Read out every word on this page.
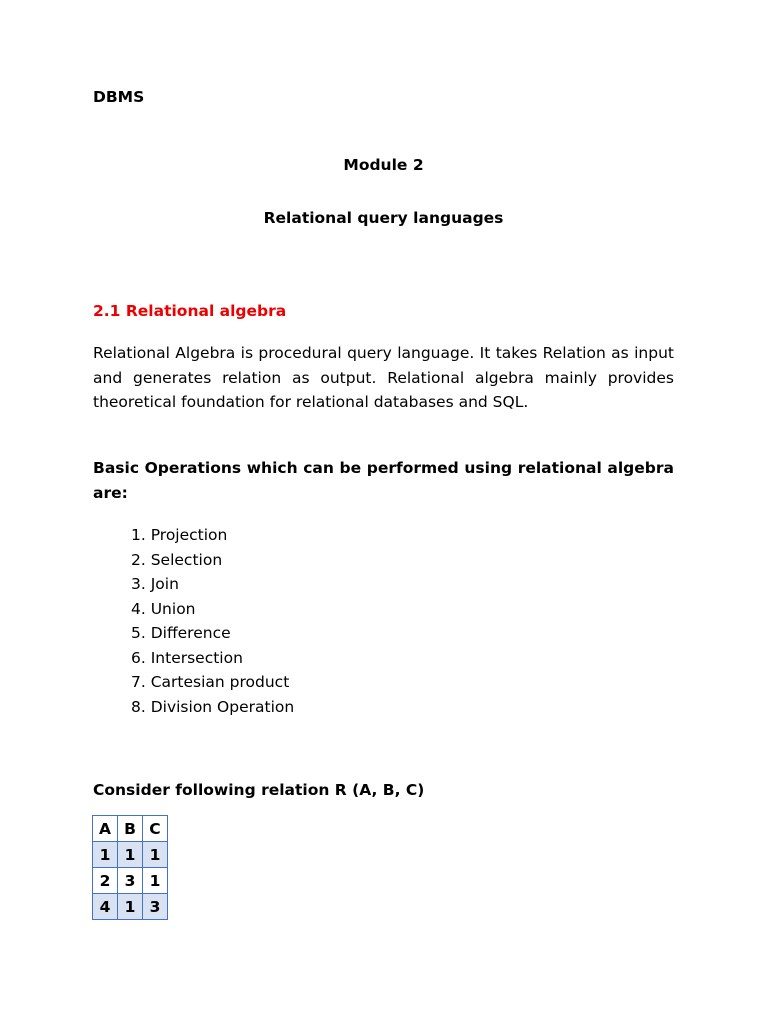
DBMS
Module 2
Relational query languages
2.1 Relational algebra

Relational Algebra is procedural query language. It takes Relation as input and generates relation as output. Relational algebra mainly provides theoretical foundation for relational databases and SQL.

Basic Operations which can be performed using relational algebra are:

1. Projection
2. Selection
3. Join
4. Union
5. Difference
6. Intersection
7. Cartesian product
8. Division Operation
Consider following relation R (A, B, C)
A	B	C
1	1	1
2	3	1
4	1	3
